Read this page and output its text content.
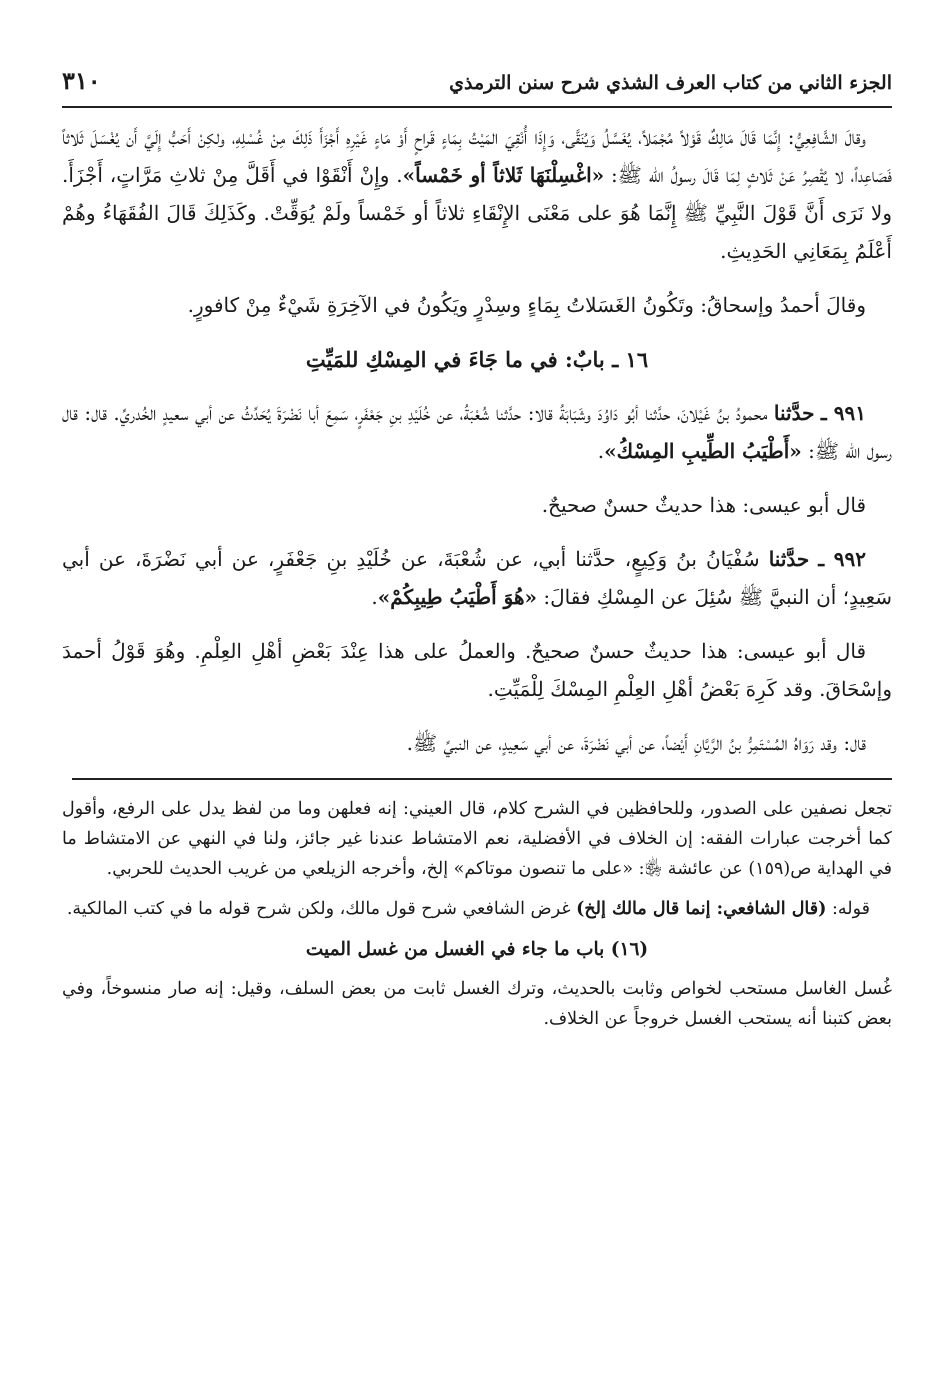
الجزء الثاني من كتاب العرف الشذي شرح سنن الترمذي
٣١٠

وقالَ الشَّافِعِيُّ: إِنَّمَا قَالَ مَالِكٌ قَوْلاً مُجْمَلاً، يُغَسَّلُ وَيُنَقَّى، وَإِذَا أُنْقِيَ المَيْتُ بِمَاءٍ قَراحٍ أَوْ مَاءٍ غَيْرِهِ أَجْزَأَ ذَلِكَ مِنْ غُسْلِهِ، ولكِنْ أَحَبُّ إِلَيَّ أَن يُغْسَلَ ثَلاثاً فَصَاعِداً، لا يُقْصِرُ عَنْ ثَلاثٍ لِمَا قَالَ رسولُ الله ﷺ: «اغْسِلْنَهَا ثَلاثاً أو خَمْساً». وإِنْ أَنْقَوْا في أَقَلَّ مِنْ ثلاثِ مَرَّاتٍ، أَجْزَأَ. ولا نَرَى أَنَّ قَوْلَ النَّبِيِّ ﷺ إِنَّمَا هُوَ على مَعْنَى الإِنْقَاءِ ثلاثاً أو خَمْساً ولَمْ يُوَقِّتْ. وكَذَلِكَ قَالَ الفُقَهَاءُ وهُمْ أَعْلَمُ بِمَعَانِي الحَدِيثِ.

وقالَ أحمدُ وإسحاقُ: وتَكُونُ الغَسَلاتُ بِمَاءٍ وسِدْرٍ ويَكُونُ في الآخِرَةِ شَيْءٌ مِنْ كافورٍ.

١٦ ـ بابٌ: في ما جَاءَ في المِسْكِ للمَيِّتِ

٩٩١ ـ حدَّثنا محمودُ بنُ غَيْلانَ، حدَّثنا أبُو دَاوُدَ وشَبَابَةُ قالا: حدَّثنا شُعْبَةُ، عن خُلَيْدِ بنِ جَعْفَرٍ، سَمِعَ أبا نَضْرَةَ يُحَدِّثُ عن أبي سعيدٍ الخُدريِّ. قال: قال رسول الله ﷺ: «أَطْيَبُ الطِّيبِ المِسْكُ».

قال أبو عيسى: هذا حديثٌ حسنٌ صحيحٌ.

٩٩٢ ـ حدَّثنا سُفْيَانُ بنُ وَكِيعٍ، حدَّثنا أبي، عن شُعْبَةَ، عن خُلَيْدِ بنِ جَعْفَرٍ، عن أبي نَضْرَةَ، عن أبي سَعِيدٍ؛ أن النبيَّ ﷺ سُئِلَ عن المِسْكِ فقالَ: «هُوَ أَطْيَبُ طِيبِكُمْ».

قال أبو عيسى: هذا حديثٌ حسنٌ صحيحٌ. والعملُ على هذا عِنْدَ بَعْضِ أهْلِ العِلْمِ. وهُوَ قَوْلُ أحمدَ وإسْحَاقَ. وقد كَرِهَ بَعْضُ أهْلِ العِلْمِ المِسْكَ لِلْمَيِّتِ.

قال: وقد رَوَاهُ المُسْتَمِرُّ بنُ الرَّيَّانِ أَيْضاً، عن أبي نَضْرَةَ، عن أبي سَعِيدٍ، عن النبيِّ ﷺ.

تجعل نصفين على الصدور، وللحافظين في الشرح كلام، قال العيني: إنه فعلهن وما من لفظ يدل على الرفع، وأقول كما أخرجت عبارات الفقه: إن الخلاف في الأفضلية، نعم الامتشاط عندنا غير جائز، ولنا في النهي عن الامتشاط ما في الهداية ص(١٥٩) عن عائشة ﵂: «على ما تنصون موتاكم» إلخ، وأخرجه الزيلعي من غريب الحديث للحربي.

قوله: (قال الشافعي: إنما قال مالك إلخ) غرض الشافعي شرح قول مالك، ولكن شرح قوله ما في كتب المالكية.

(١٦) باب ما جاء في الغسل من غسل الميت

غُسل الغاسل مستحب لخواص وثابت بالحديث، وترك الغسل ثابت من بعض السلف، وقيل: إنه صار منسوخاً، وفي بعض كتبنا أنه يستحب الغسل خروجاً عن الخلاف.
